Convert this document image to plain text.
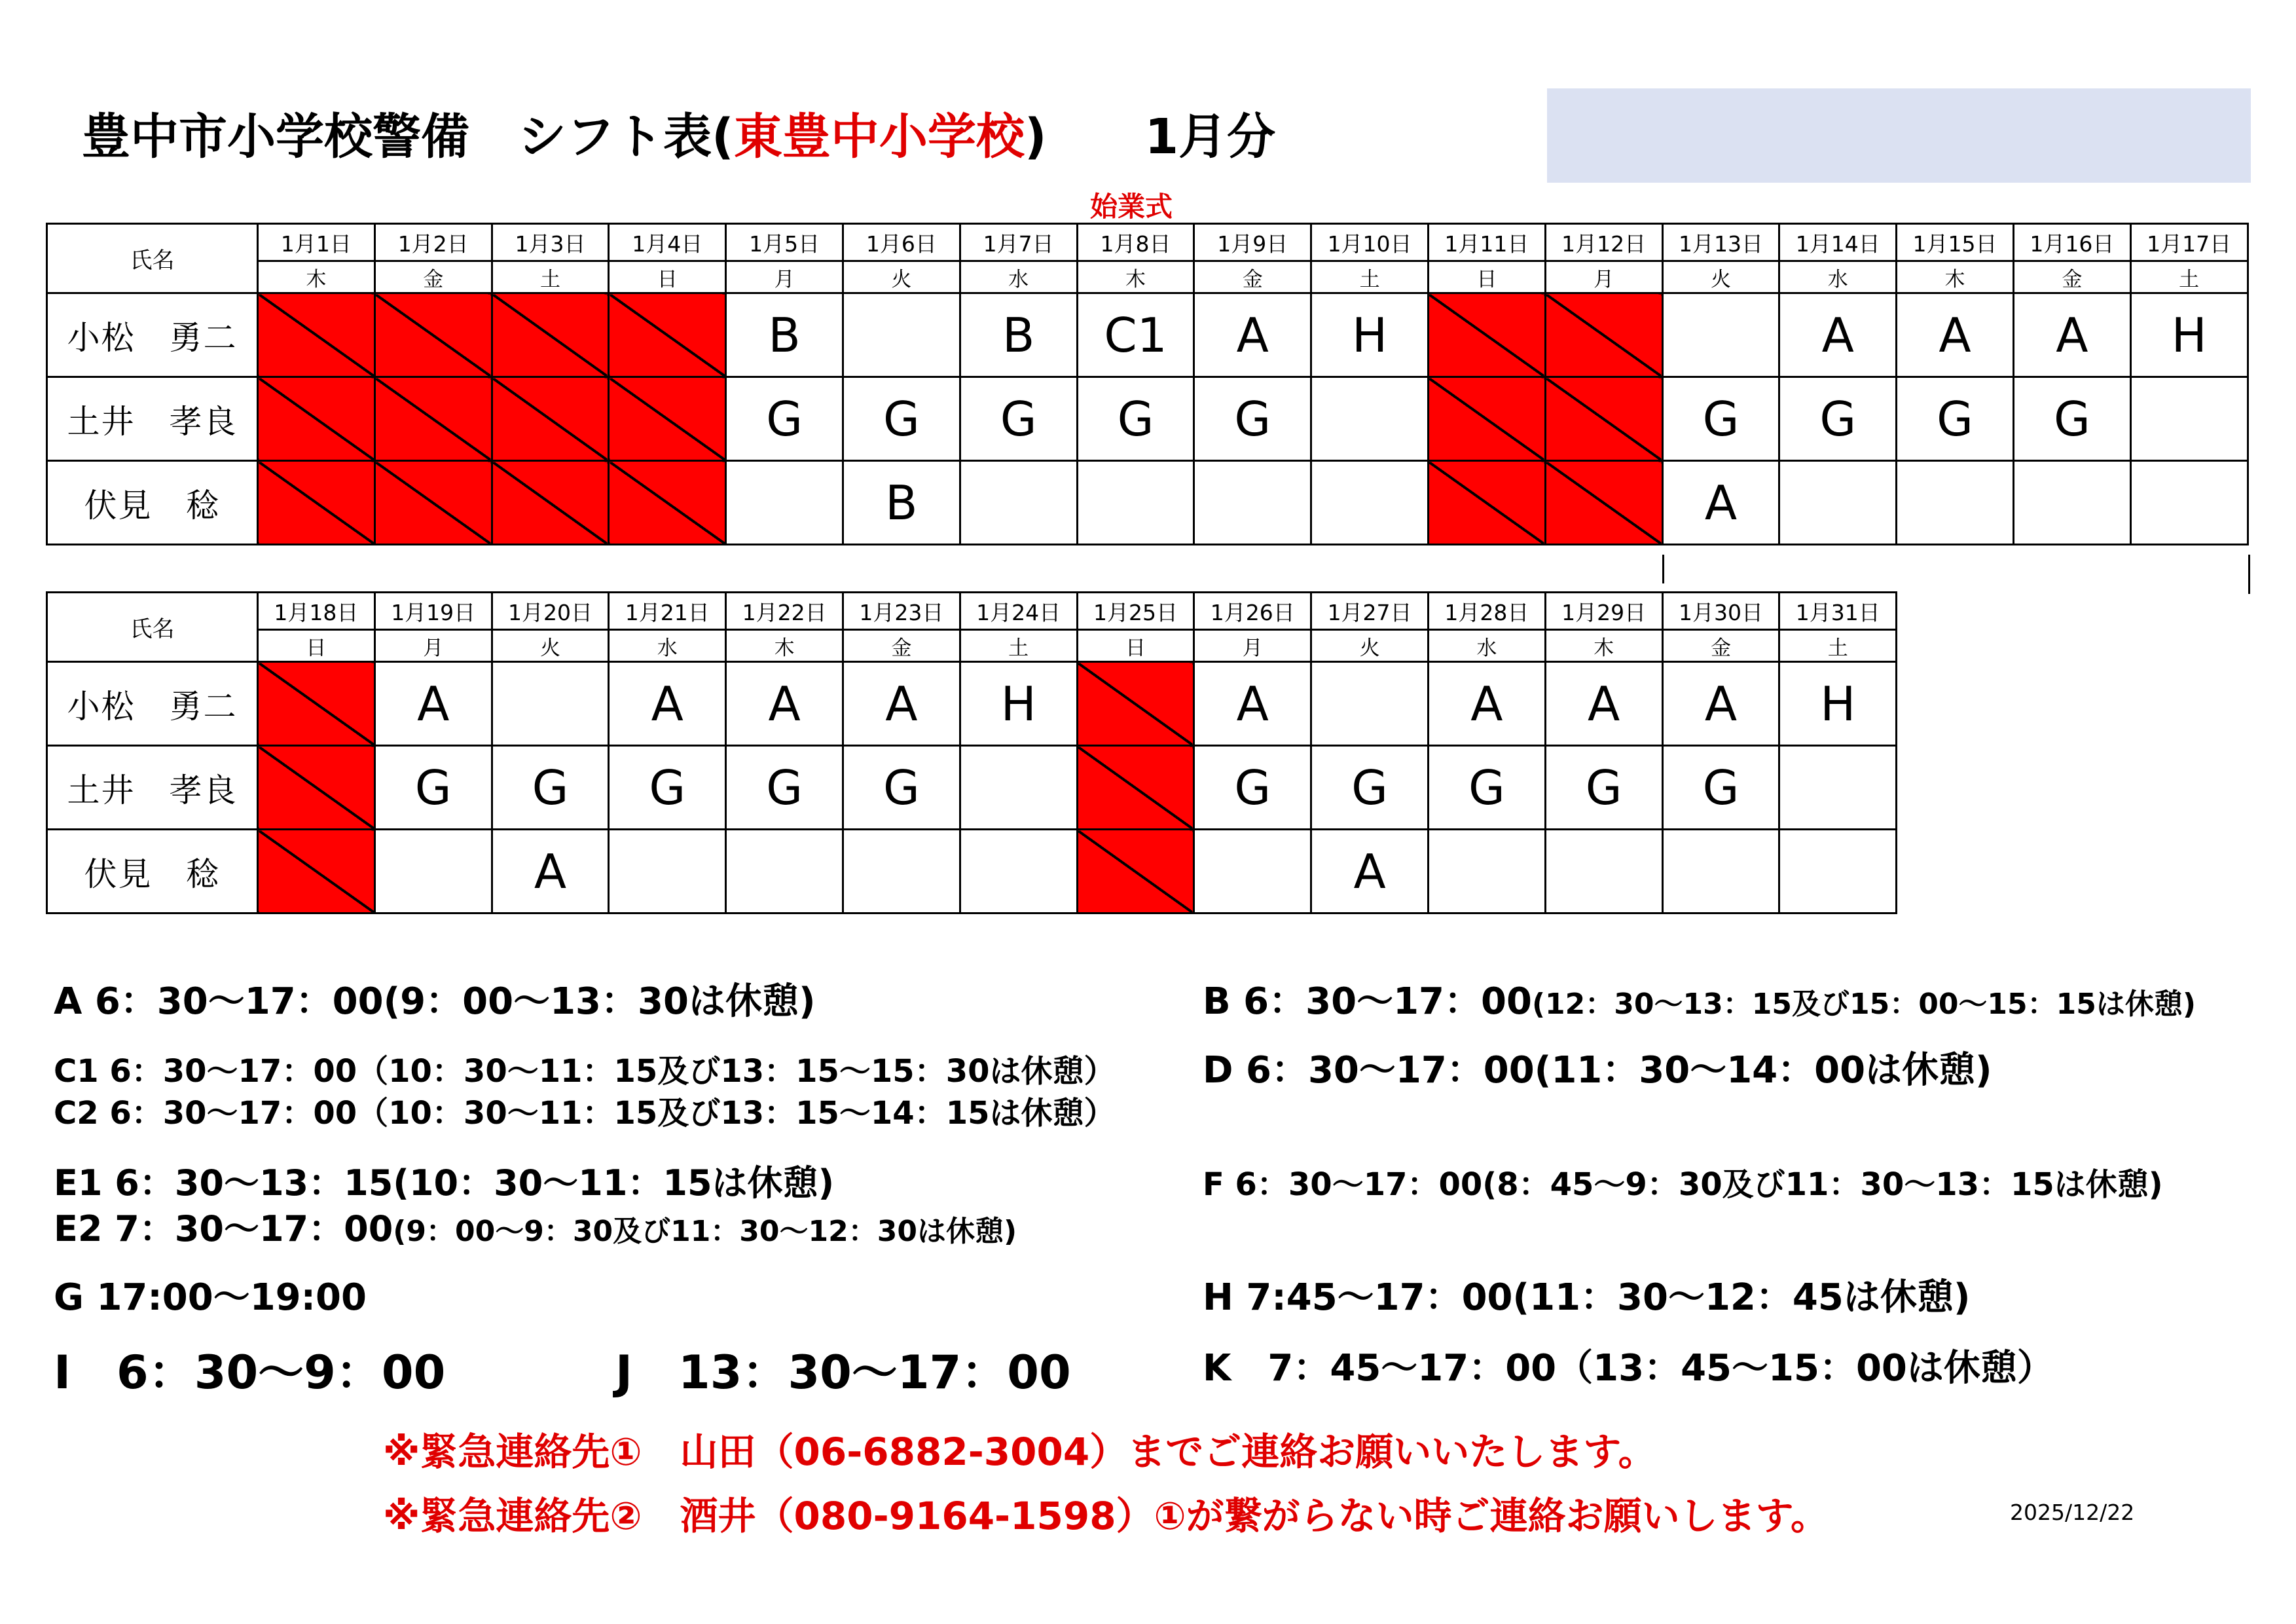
豊中市小学校警備　シフト表(東豊中小学校) 1月分
始業式
氏名	1月1日	1月2日	1月3日	1月4日	1月5日	1月6日	1月7日	1月8日	1月9日	1月10日	1月11日	1月12日	1月13日	1月14日	1月15日	1月16日	1月17日
	木	金	土	日	月	火	水	木	金	土	日	月	火	水	木	金	土
小松　勇二					B		B	C1	A	H				A	A	A	H
土井　孝良					G	G	G	G	G				G	G	G	G	
伏見　稔						B							A				
氏名	1月18日	1月19日	1月20日	1月21日	1月22日	1月23日	1月24日	1月25日	1月26日	1月27日	1月28日	1月29日	1月30日	1月31日
	日	月	火	水	木	金	土	日	月	火	水	木	金	土
小松　勇二		A		A	A	A	H		A		A	A	A	H
土井　孝良		G	G	G	G	G			G	G	G	G	G	
伏見　稔			A							A				
A 6：30～17：00(9：00～13：30は休憩)	B 6：30～17：00(12：30～13：15及び15：00～15：15は休憩)
C1 6：30～17：00（10：30～11：15及び13：15～15：30は休憩） D 6：30～17：00(11：30～14：00は休憩)
C2 6：30～17：00（10：30～11：15及び13：15～14：15は休憩）
E1 6：30～13：15(10：30～11：15は休憩)	F 6：30～17：00(8：45～9：30及び11：30～13：15は休憩)
E2 7：30～17：00(9：00～9：30及び11：30～12：30は休憩)
G 17:00～19:00	H 7:45～17：00(11：30～12：45は休憩)
I　6：30～9：00	J　13：30～17：00	K　7：45～17：00（13：45～15：00は休憩）
※緊急連絡先①　山田（06-6882-3004）までご連絡お願いいたします。
※緊急連絡先②　酒井（080-9164-1598）①が繋がらない時ご連絡お願いします。	2025/12/22
